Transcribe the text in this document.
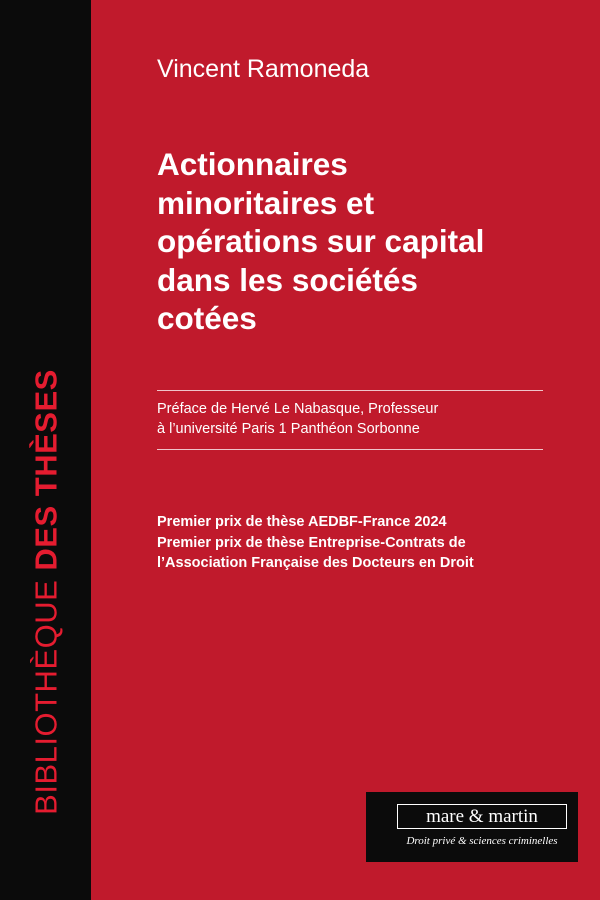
BIBLIOTHÈQUE DES THÈSES
Vincent Ramoneda
Actionnaires
minoritaires et
opérations sur capital
dans les sociétés
cotées

Préface de Hervé Le Nabasque, Professeur
à l’université Paris 1 Panthéon Sorbonne

Premier prix de thèse AEDBF-France 2024
Premier prix de thèse Entreprise-Contrats de
l’Association Française des Docteurs en Droit

mare & martin
Droit privé & sciences criminelles
